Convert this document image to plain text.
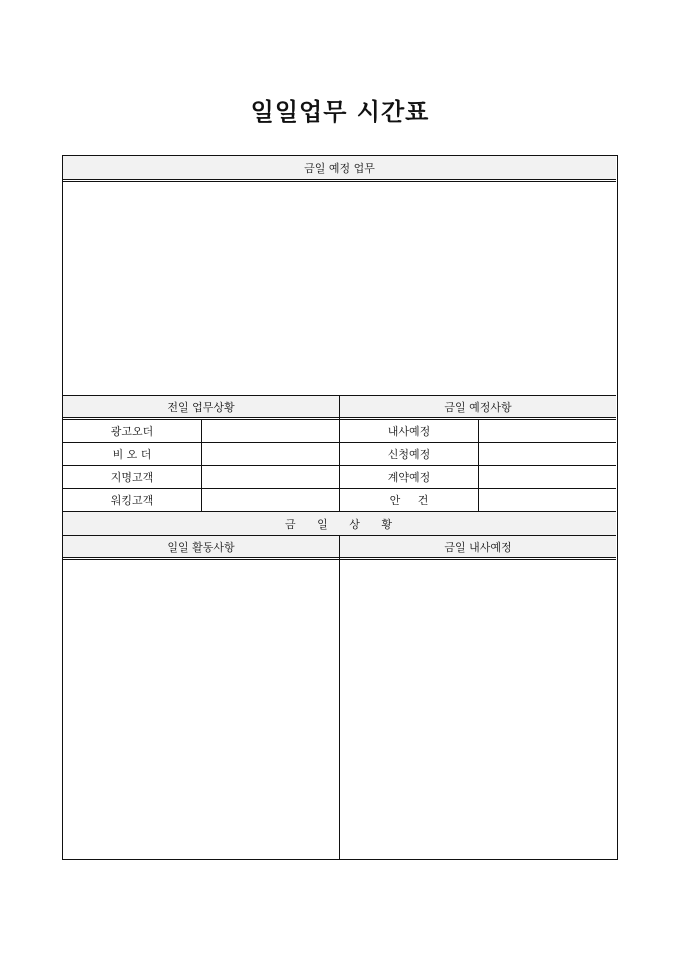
일일업무 시간표
금일 예정 업무
전일 업무상황	금일 예정사항
광고오더
비 오 더
지명고객
워킹고객
내사예정
신청예정
계약예정
안 건
금 일 상 황
일일 활동사항	금일 내사예정
